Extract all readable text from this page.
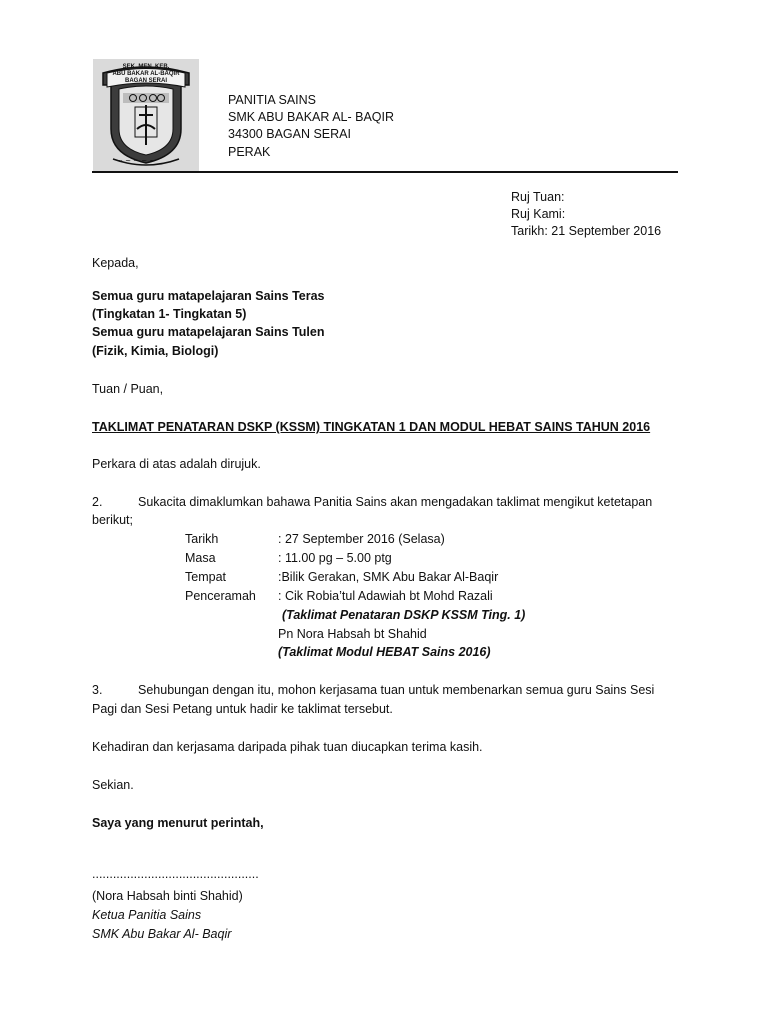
~ ~ ~ ~ ~
SEK. MEN. KEB.
ABU BAKAR AL-BAQIR
BAGAN SERAI
PANITIA SAINS
SMK ABU BAKAR AL- BAQIR
34300 BAGAN SERAI
PERAK
Ruj Tuan:
Ruj Kami:
Tarikh: 21 September 2016
Kepada,
Semua guru matapelajaran Sains Teras
(Tingkatan 1- Tingkatan 5)
Semua guru matapelajaran Sains Tulen
(Fizik, Kimia, Biologi)
Tuan / Puan,
TAKLIMAT PENATARAN DSKP (KSSM) TINGKATAN 1 DAN MODUL HEBAT SAINS TAHUN 2016
Perkara di atas adalah dirujuk.
2.	Sukacita dimaklumkan bahawa Panitia Sains akan mengadakan taklimat mengikut ketetapan
berikut;
Tarikh	: 27 September 2016 (Selasa)
Masa	: 11.00 pg – 5.00 ptg
Tempat	:Bilik Gerakan, SMK Abu Bakar Al-Baqir
Penceramah : Cik Robia’tul Adawiah bt Mohd Razali
(Taklimat Penataran DSKP KSSM Ting. 1)
Pn Nora Habsah bt Shahid
(Taklimat Modul HEBAT Sains 2016)
3.	Sehubungan dengan itu, mohon kerjasama tuan untuk membenarkan semua guru Sains Sesi
Pagi dan Sesi Petang untuk hadir ke taklimat tersebut.
Kehadiran dan kerjasama daripada pihak tuan diucapkan terima kasih.
Sekian.
Saya yang menurut perintah,
................................................
(Nora Habsah binti Shahid)
Ketua Panitia Sains
SMK Abu Bakar Al- Baqir
